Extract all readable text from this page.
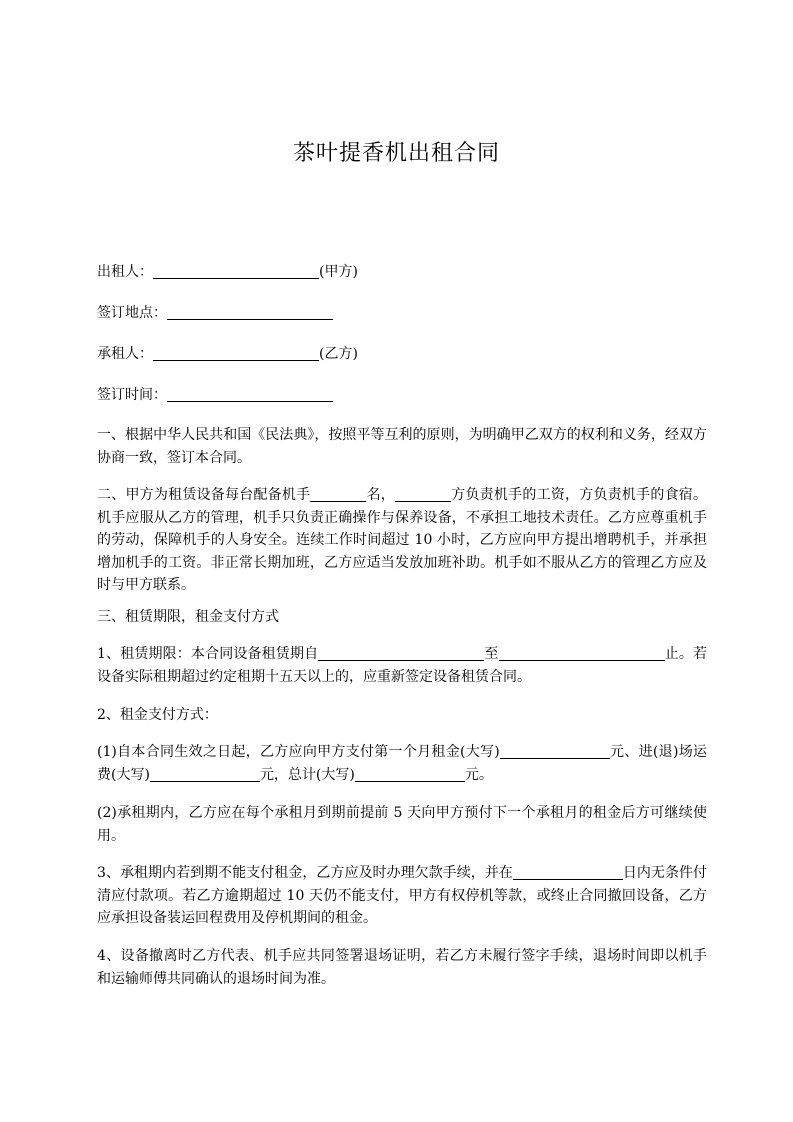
茶叶提香机出租合同
出租人：	(甲方)
签订地点：
承租人：	(乙方)
签订时间：
一、根据中华人民共和国《民法典》，按照平等互利的原则，为明确甲乙双方的权利和义务，经双方协商一致，签订本合同。
二、甲方为租赁设备每台配备机手	名，	方负责机手的工资，方负责机手的食宿。机手应服从乙方的管理，机手只负责正确操作与保养设备，不承担工地技术责任。乙方应尊重机手的劳动，保障机手的人身安全。连续工作时间超过 10 小时，乙方应向甲方提出增聘机手，并承担增加机手的工资。非正常长期加班，乙方应适当发放加班补助。机手如不服从乙方的管理乙方应及时与甲方联系。
三、租赁期限，租金支付方式
1、租赁期限：本合同设备租赁期自	至	止。若设备实际租期超过约定租期十五天以上的，应重新签定设备租赁合同。
2、租金支付方式：
(1)自本合同生效之日起，乙方应向甲方支付第一个月租金(大写)	元、进(退)场运费(大写)	元，总计(大写)	元。
(2)承租期内，乙方应在每个承租月到期前提前 5 天向甲方预付下一个承租月的租金后方可继续使用。
3、承租期内若到期不能支付租金，乙方应及时办理欠款手续，并在	日内无条件付清应付款项。若乙方逾期超过 10 天仍不能支付，甲方有权停机等款，或终止合同撤回设备，乙方应承担设备装运回程费用及停机期间的租金。
4、设备撤离时乙方代表、机手应共同签署退场证明，若乙方未履行签字手续，退场时间即以机手和运输师傅共同确认的退场时间为准。
